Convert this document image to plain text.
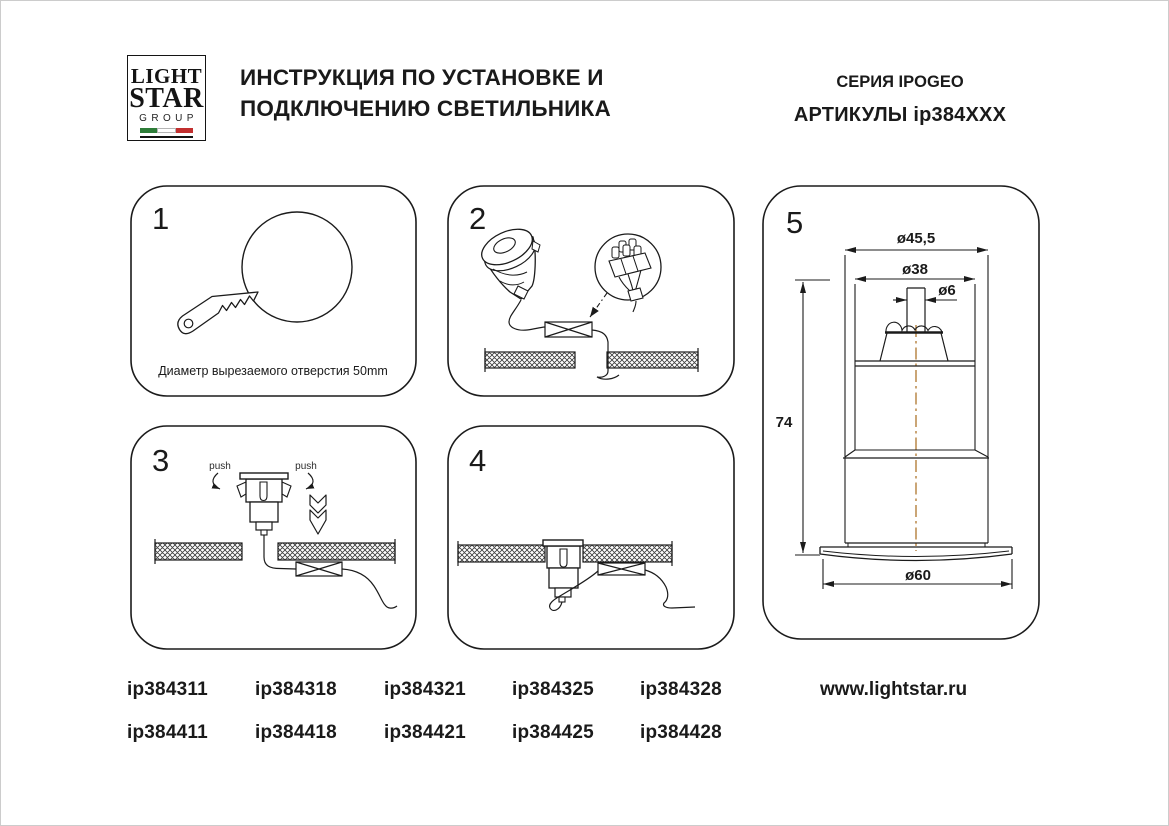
LIGHT
STAR
GROUP
ИНСТРУКЦИЯ ПО УСТАНОВКЕ И
ПОДКЛЮЧЕНИЮ СВЕТИЛЬНИКА
СЕРИЯ IPOGEO
АРТИКУЛЫ ip384XXX
1
Диаметр вырезаемого отверстия 50mm
2
3	push	push	4
5	ø45,5
ø38
ø6
74
ø60
ip384311 ip384318 ip384321 ip384325 ip384328
ip384411 ip384418 ip384421 ip384425 ip384428
www.lightstar.ru
